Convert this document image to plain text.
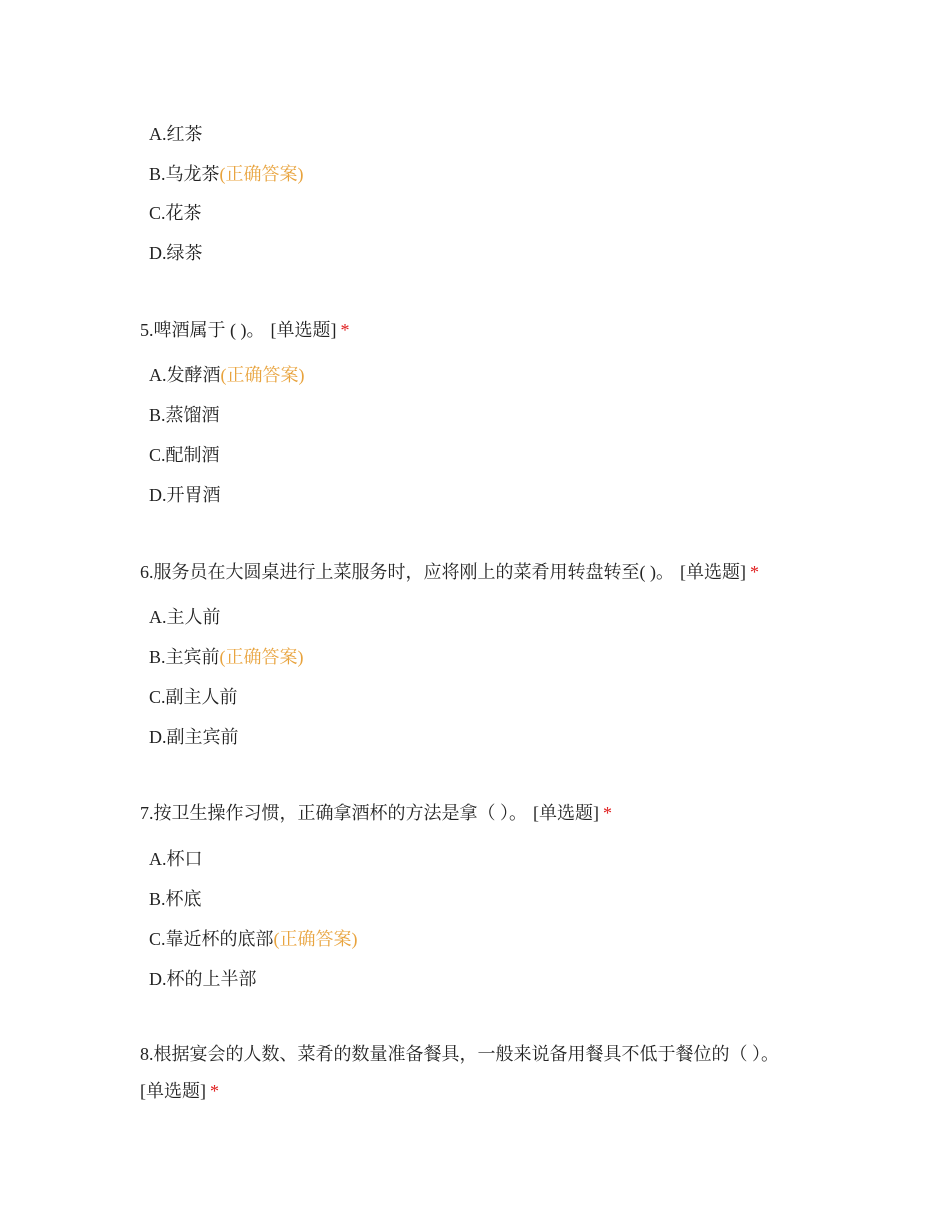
A.红茶
B.乌龙茶(正确答案)
C.花茶
D.绿茶
5.啤酒属于 ( )。 [单选题] *
A.发酵酒(正确答案)
B.蒸馏酒
C.配制酒
D.开胃酒
6.服务员在大圆桌进行上菜服务时，应将刚上的菜肴用转盘转至( )。 [单选题] *
A.主人前
B.主宾前(正确答案)
C.副主人前
D.副主宾前
7.按卫生操作习惯，正确拿酒杯的方法是拿（ ）。 [单选题] *
A.杯口
B.杯底
C.靠近杯的底部(正确答案)
D.杯的上半部
8.根据宴会的人数、菜肴的数量准备餐具，一般来说备用餐具不低于餐位的（ ）。
[单选题] *
